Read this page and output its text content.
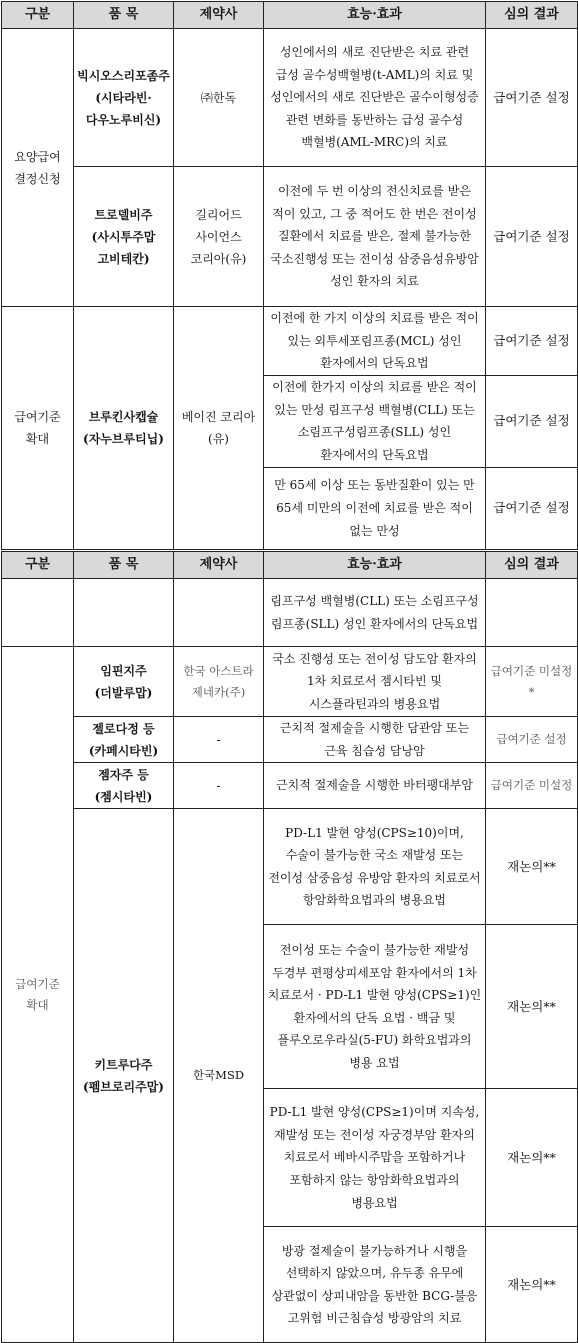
구분	품 목	제약사	효능·효과	심의 결과
요양급여 결정신청	빅시오스리포좀주 (시타라빈· 다우노루비신)	㈜한독	성인에서의 새로 진단받은 치료 관련 급성 골수성백혈병(t-AML)의 치료 및 성인에서의 새로 진단받은 골수이형성증 관련 변화를 동반하는 급성 골수성 백혈병(AML-MRC)의 치료	급여기준 설정
	트로델비주 (사시투주맙 고비테칸)	길리어드 사이언스 코리아(유)	이전에 두 번 이상의 전신치료를 받은 적이 있고, 그 중 적어도 한 번은 전이성 질환에서 치료를 받은, 절제 불가능한 국소진행성 또는 전이성 삼중음성유방암 성인 환자의 치료	급여기준 설정
급여기준 확대	브루킨사캡슐 (자누브루티닙)	베이진 코리아(유)	이전에 한 가지 이상의 치료를 받은 적이 있는 외투세포림프종(MCL) 성인 환자에서의 단독요법	급여기준 설정
			이전에 한가지 이상의 치료를 받은 적이 있는 만성 림프구성 백혈병(CLL) 또는 소림프구성림프종(SLL) 성인 환자에서의 단독요법	급여기준 설정
			만 65세 이상 또는 동반질환이 있는 만 65세 미만의 이전에 치료를 받은 적이 없는 만성	급여기준 설정
구분	품 목	제약사	효능·효과	심의 결과
			림프구성 백혈병(CLL) 또는 소림프구성 림프종(SLL) 성인 환자에서의 단독요법	
급여기준 확대	임핀지주 (더발루맙)	한국 아스트라 제네카(주)	국소 진행성 또는 전이성 담도암 환자의 1차 치료로서 젬시타빈 및 시스플라틴과의 병용요법	급여기준 미설정*
	젤로다정 등 (카페시타빈)	-	근치적 절제술을 시행한 담관암 또는 근육 침습성 담낭암	급여기준 설정
	젬자주 등 (젬시타빈)	-	근치적 절제술을 시행한 바터팽대부암	급여기준 미설정
	키트루다주 (펨브로리주맙)	한국MSD	PD-L1 발현 양성(CPS≥10)이며, 수술이 불가능한 국소 재발성 또는 전이성 삼중음성 유방암 환자의 치료로서 항암화학요법과의 병용요법	재논의**
			전이성 또는 수술이 불가능한 재발성 두경부 편평상피세포암 환자에서의 1차 치료로서 · PD-L1 발현 양성(CPS≥1)인 환자에서의 단독 요법 · 백금 및 플루오로우라실(5-FU) 화학요법과의 병용 요법	재논의**
			PD-L1 발현 양성(CPS≥1)이며 지속성, 재발성 또는 전이성 자궁경부암 환자의 치료로서 베바시주맙을 포함하거나 포함하지 않는 항암화학요법과의 병용요법	재논의**
			방광 절제술이 불가능하거나 시행을 선택하지 않았으며, 유두종 유무에 상관없이 상피내암을 동반한 BCG-불응 고위험 비근침습성 방광암의 치료	재논의**
